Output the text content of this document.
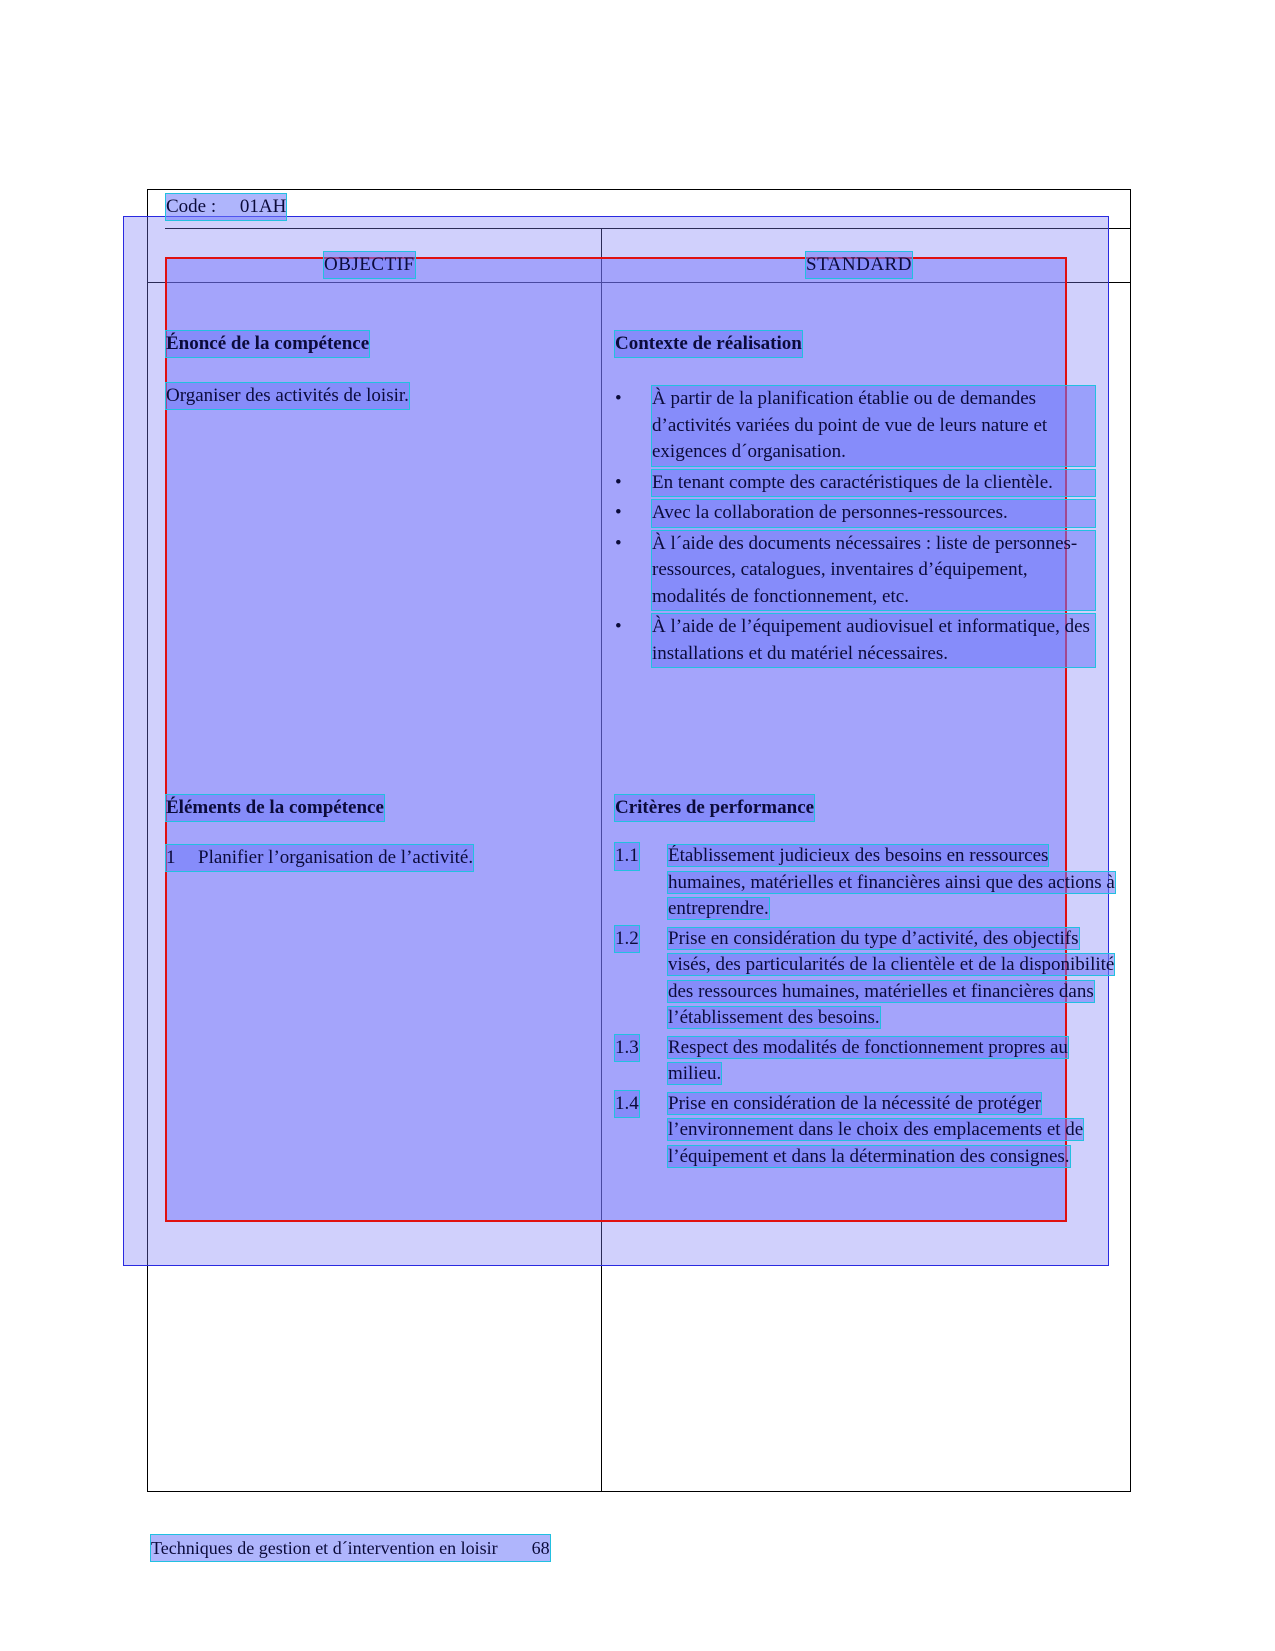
Code : 01AH
OBJECTIF	STANDARD
Énoncé de la compétence
Organiser des activités de loisir.
Contexte de réalisation
•	À partir de la planification établie ou de demandes d’activités variées du point de vue de leurs nature et exigences d´organisation.
•	En tenant compte des caractéristiques de la clientèle.
•	Avec la collaboration de personnes-ressources.
•	À l´aide des documents nécessaires : liste de personnes-ressources, catalogues, inventaires d’équipement, modalités de fonctionnement, etc.
•	À l’aide de l’équipement audiovisuel et informatique, des installations et du matériel nécessaires.
Éléments de la compétence
1 Planifier l’organisation de l’activité.
Critères de performance
1.1 Établissement judicieux des besoins en ressources humaines, matérielles et financières ainsi que des actions à entreprendre.
1.2 Prise en considération du type d’activité, des objectifs visés, des particularités de la clientèle et de la disponibilité des ressources humaines, matérielles et financières dans l’établissement des besoins.
1.3 Respect des modalités de fonctionnement propres au milieu.
1.4 Prise en considération de la nécessité de protéger l’environnement dans le choix des emplacements et de l’équipement et dans la détermination des consignes.
Techniques de gestion et d´intervention en loisir 68
